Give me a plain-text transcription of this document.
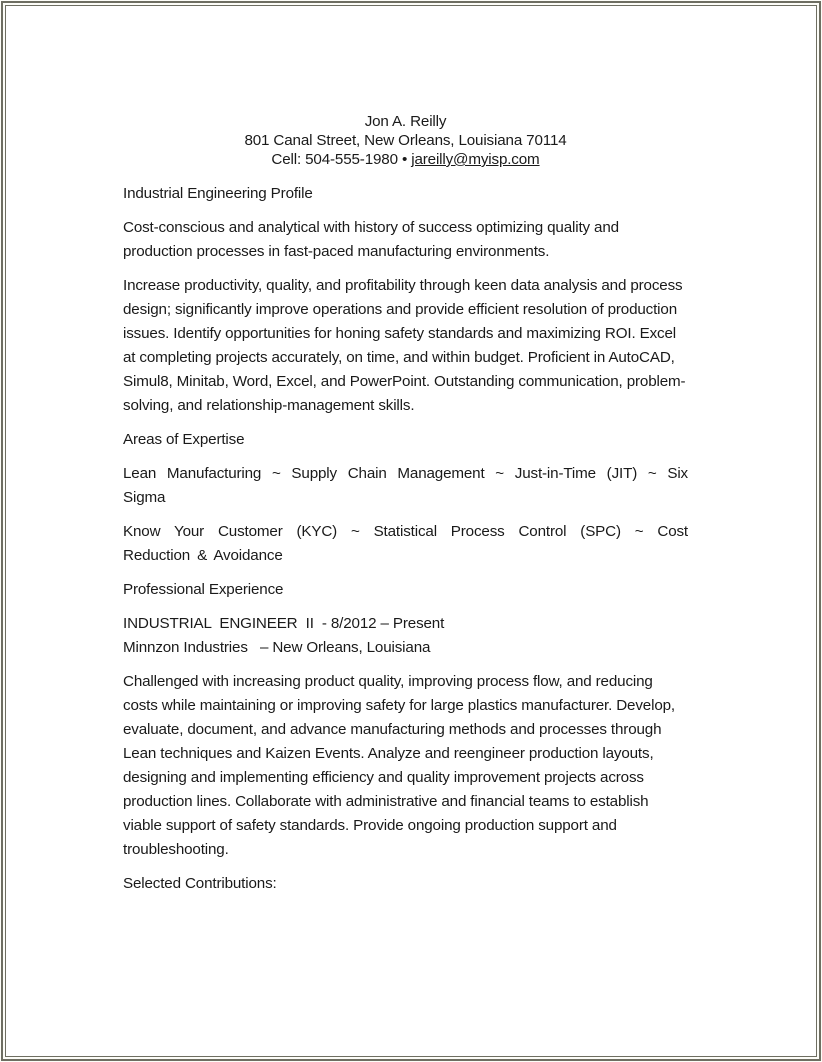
Jon A. Reilly
801 Canal Street, New Orleans, Louisiana 70114
Cell: 504-555-1980 • jareilly@myisp.com

Industrial Engineering Profile

Cost-conscious and analytical with history of success optimizing quality and production processes in fast-paced manufacturing environments.

Increase productivity, quality, and profitability through keen data analysis and process design; significantly improve operations and provide efficient resolution of production issues. Identify opportunities for honing safety standards and maximizing ROI. Excel at completing projects accurately, on time, and within budget. Proficient in AutoCAD, Simul8, Minitab, Word, Excel, and PowerPoint. Outstanding communication, problem-solving, and relationship-management skills.

Areas of Expertise

Lean Manufacturing ~ Supply Chain Management ~ Just-in-Time (JIT) ~ Six Sigma

Know Your Customer (KYC) ~ Statistical Process Control (SPC) ~ Cost Reduction & Avoidance

Professional Experience

INDUSTRIAL  ENGINEER  II  - 8/2012 – Present

Minnzon Industries   – New Orleans, Louisiana

Challenged with increasing product quality, improving process flow, and reducing costs while maintaining or improving safety for large plastics manufacturer. Develop, evaluate, document, and advance manufacturing methods and processes through Lean techniques and Kaizen Events. Analyze and reengineer production layouts, designing and implementing efficiency and quality improvement projects across production lines. Collaborate with administrative and financial teams to establish viable support of safety standards. Provide ongoing production support and troubleshooting.

Selected Contributions:
